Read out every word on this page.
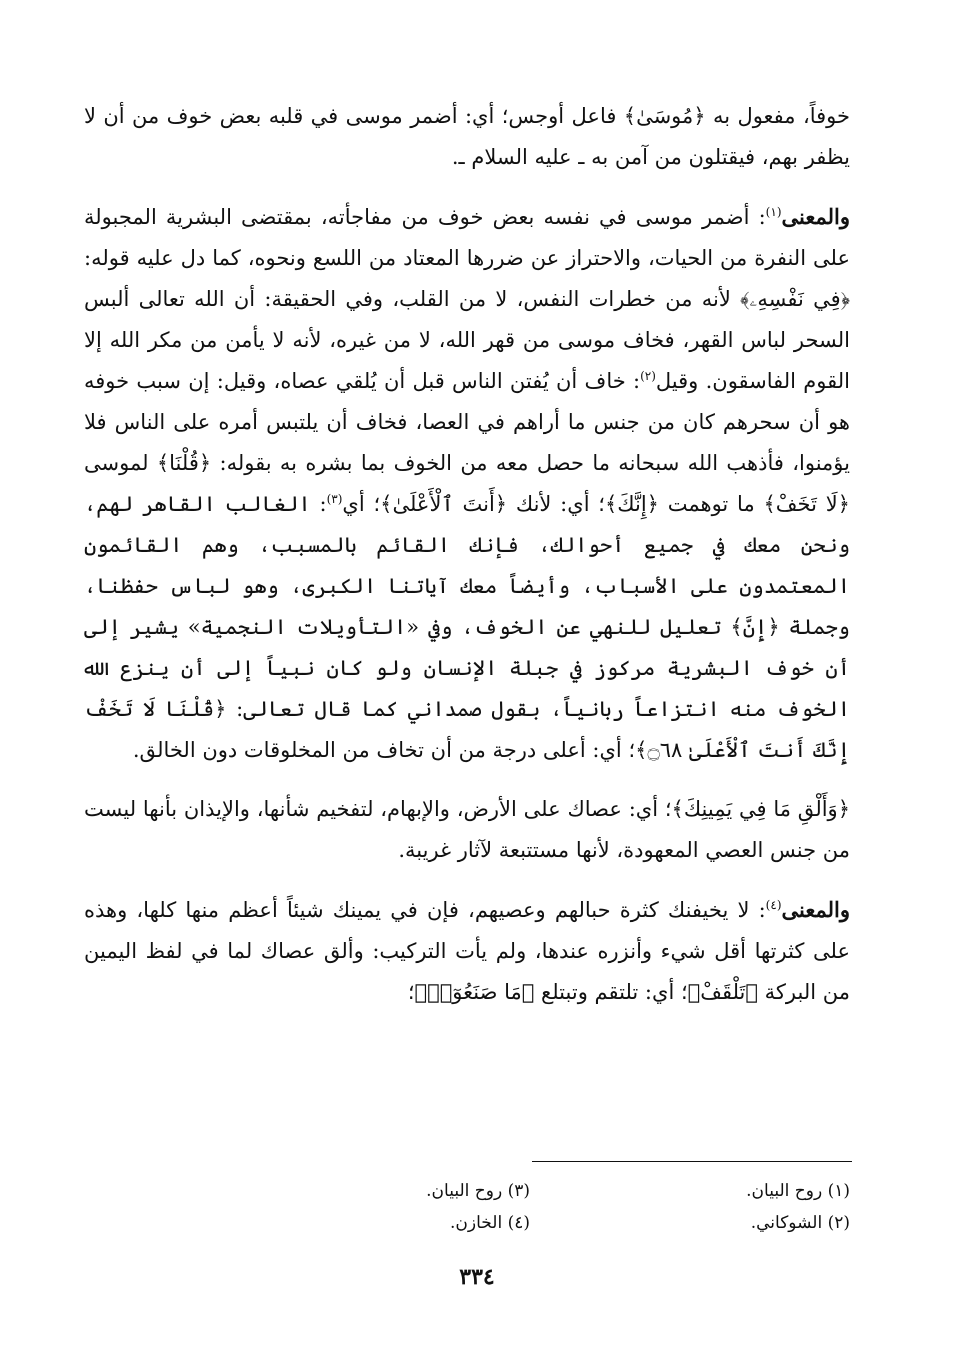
خوفاً، مفعول به ﴿مُوسَىٰ﴾ فاعل أوجس؛ أي: أضمر موسى في قلبه بعض خوف من أن لا يظفر بهم، فيقتلون من آمن به ـ عليه السلام ـ.

والمعنى$^{(١)}$: أضمر موسى في نفسه بعض خوف من مفاجأته، بمقتضى البشرية المجبولة على النفرة من الحيات، والاحتراز عن ضررها المعتاد من اللسع ونحوه، كما دل عليه قوله: ﴿فِي نَفْسِهِۦ﴾ لأنه من خطرات النفس، لا من القلب، وفي الحقيقة: أن الله تعالى ألبس السحر لباس القهر، فخاف موسى من قهر الله، لا من غيره، لأنه لا يأمن من مكر الله إلا القوم الفاسقون. وقيل$^{(٢)}$: خاف أن يُفتن الناس قبل أن يُلقي عصاه، وقيل: إن سبب خوفه هو أن سحرهم كان من جنس ما أراهم في العصا، فخاف أن يلتبس أمره على الناس فلا يؤمنوا، فأذهب الله سبحانه ما حصل معه من الخوف بما بشره به بقوله: ﴿قُلْنَا﴾ لموسى ﴿لَا تَخَفْ﴾ ما توهمت ﴿إِنَّكَ﴾؛ أي: لأنك ﴿أَنتَ ٱلْأَعْلَىٰ﴾؛ أي$^{(٣)}$: الغالب القاهر لهم، ونحن معك في جميع أحوالك، فإنك القائم بالمسبب، وهم القائمون المعتمدون على الأسباب، وأيضاً معك آياتنا الكبرى، وهو لباس حفظنا، وجملة ﴿إِنَّ﴾ تعليل للنهي عن الخوف، وفي «التأويلات النجمية» يشير إلى أن خوف البشرية مركوز في جبلة الإنسان ولو كان نبياً إلى أن ينزع الله الخوف منه انتزاعاً ربانياً، بقول صمداني كما قال تعالى: ﴿قُلْنَا لَا تَخَفْ إِنَّكَ أَنتَ ٱلْأَعْلَىٰ ۝٦٨﴾؛ أي: أعلى درجة من أن تخاف من المخلوقات دون الخالق.

﴿وَأَلْقِ مَا فِي يَمِينِكَ﴾؛ أي: عصاك على الأرض، والإبهام، لتفخيم شأنها، والإيذان بأنها ليست من جنس العصي المعهودة، لأنها مستتبعة لآثار غريبة.

والمعنى$^{(٤)}$: لا يخيفنك كثرة حبالهم وعصيهم، فإن في يمينك شيئاً أعظم منها كلها، وهذه على كثرتها أقل شيء وأنزره عندها، ولم يأت التركيب: وألق عصاك لما في لفظ اليمين من البركة ﴿تَلْقَفْ﴾؛ أي: تلتقم وتبتلع ﴿مَا صَنَعُوٓا۟﴾؛

(١) روح البيان.
(٣) روح البيان.
(٢) الشوكاني.
(٤) الخازن.
٣٣٤
